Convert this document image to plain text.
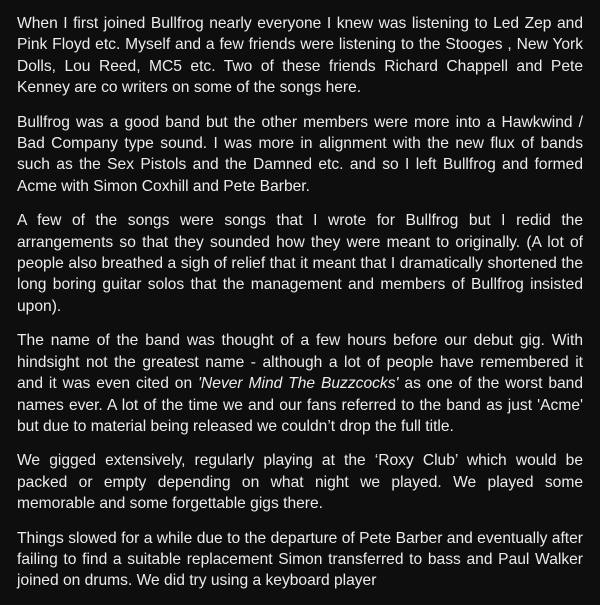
When I first joined Bullfrog nearly everyone I knew was listening to Led Zep and Pink Floyd etc. Myself and a few friends were listening to the Stooges , New York Dolls, Lou Reed, MC5 etc. Two of these friends Richard Chappell and Pete Kenney are co writers on some of the songs here.

Bullfrog was a good band but the other members were more into a Hawkwind / Bad Company type sound. I was more in alignment with the new flux of bands such as the Sex Pistols and the Damned etc. and so I left Bullfrog and formed Acme with Simon Coxhill and Pete Barber.

A few of the songs were songs that I wrote for Bullfrog but I redid the arrangements so that they sounded how they were meant to originally. (A lot of people also breathed a sigh of relief that it meant that I dramatically shortened the long boring guitar solos that the management and members of Bullfrog insisted upon).

The name of the band was thought of a few hours before our debut gig. With hindsight not the greatest name - although a lot of people have remembered it and it was even cited on 'Never Mind The Buzzcocks' as one of the worst band names ever. A lot of the time we and our fans referred to the band as just 'Acme' but due to material being released we couldn’t drop the full title.

We gigged extensively, regularly playing at the ‘Roxy Club’ which would be packed or empty depending on what night we played. We played some memorable and some forgettable gigs there.

Things slowed for a while due to the departure of Pete Barber and eventually after failing to find a suitable replacement Simon transferred to bass and Paul Walker joined on drums. We did try using a keyboard player
